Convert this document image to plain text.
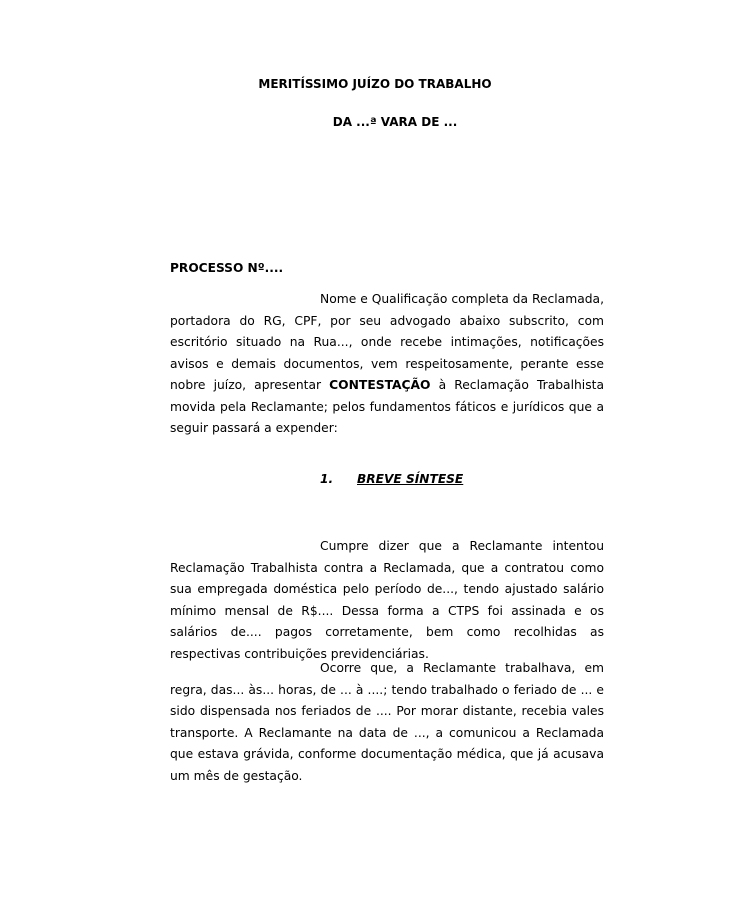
MERITÍSSIMO JUÍZO DO TRABALHO
DA ...ª VARA DE ...
PROCESSO Nº....
Nome e Qualificação completa da Reclamada, portadora do RG, CPF, por seu advogado abaixo subscrito, com escritório situado na Rua..., onde recebe intimações, notificações avisos e demais documentos, vem respeitosamente, perante esse nobre juízo, apresentar CONTESTAÇÃO à Reclamação Trabalhista movida pela Reclamante; pelos fundamentos fáticos e jurídicos que a seguir passará a expender:
1. BREVE SÍNTESE
Cumpre dizer que a Reclamante intentou Reclamação Trabalhista contra a Reclamada, que a contratou como sua empregada doméstica pelo período de..., tendo ajustado salário mínimo mensal de R$.... Dessa forma a CTPS foi assinada e os salários de.... pagos corretamente, bem como recolhidas as respectivas contribuições previdenciárias.
Ocorre que, a Reclamante trabalhava, em regra, das... às... horas, de ... à ....; tendo trabalhado o feriado de ... e sido dispensada nos feriados de .... Por morar distante, recebia vales transporte. A Reclamante na data de ..., a comunicou a Reclamada que estava grávida, conforme documentação médica, que já acusava um mês de gestação.
